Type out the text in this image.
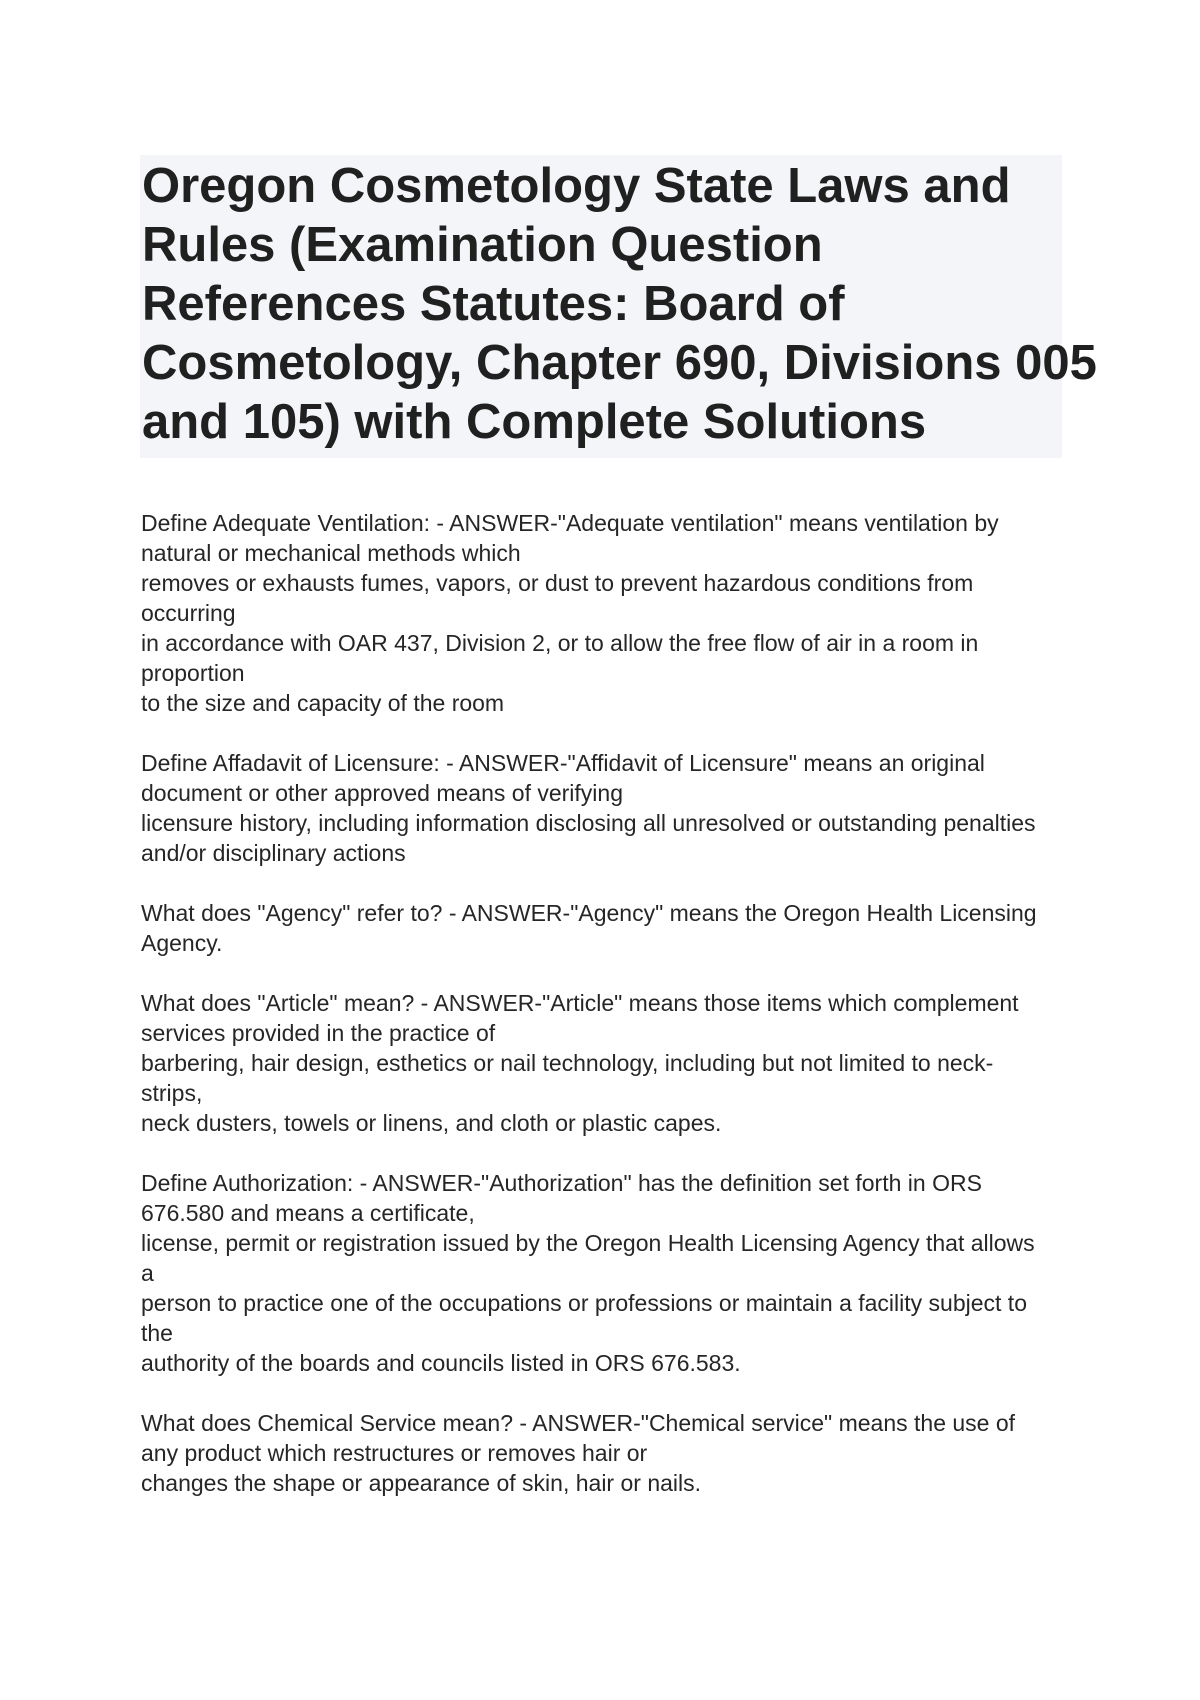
Oregon Cosmetology State Laws and
Rules (Examination Question
References Statutes: Board of
Cosmetology, Chapter 690, Divisions 005
and 105) with Complete Solutions
Define Adequate Ventilation: - ANSWER-"Adequate ventilation" means ventilation by
natural or mechanical methods which
removes or exhausts fumes, vapors, or dust to prevent hazardous conditions from
occurring
in accordance with OAR 437, Division 2, or to allow the free flow of air in a room in
proportion
to the size and capacity of the room
Define Affadavit of Licensure: - ANSWER-"Affidavit of Licensure" means an original
document or other approved means of verifying
licensure history, including information disclosing all unresolved or outstanding penalties
and/or disciplinary actions
What does "Agency" refer to? - ANSWER-"Agency" means the Oregon Health Licensing
Agency.
What does "Article" mean? - ANSWER-"Article" means those items which complement
services provided in the practice of
barbering, hair design, esthetics or nail technology, including but not limited to neck-
strips,
neck dusters, towels or linens, and cloth or plastic capes.
Define Authorization: - ANSWER-"Authorization" has the definition set forth in ORS
676.580 and means a certificate,
license, permit or registration issued by the Oregon Health Licensing Agency that allows
a
person to practice one of the occupations or professions or maintain a facility subject to
the
authority of the boards and councils listed in ORS 676.583.
What does Chemical Service mean? - ANSWER-"Chemical service" means the use of
any product which restructures or removes hair or
changes the shape or appearance of skin, hair or nails.
